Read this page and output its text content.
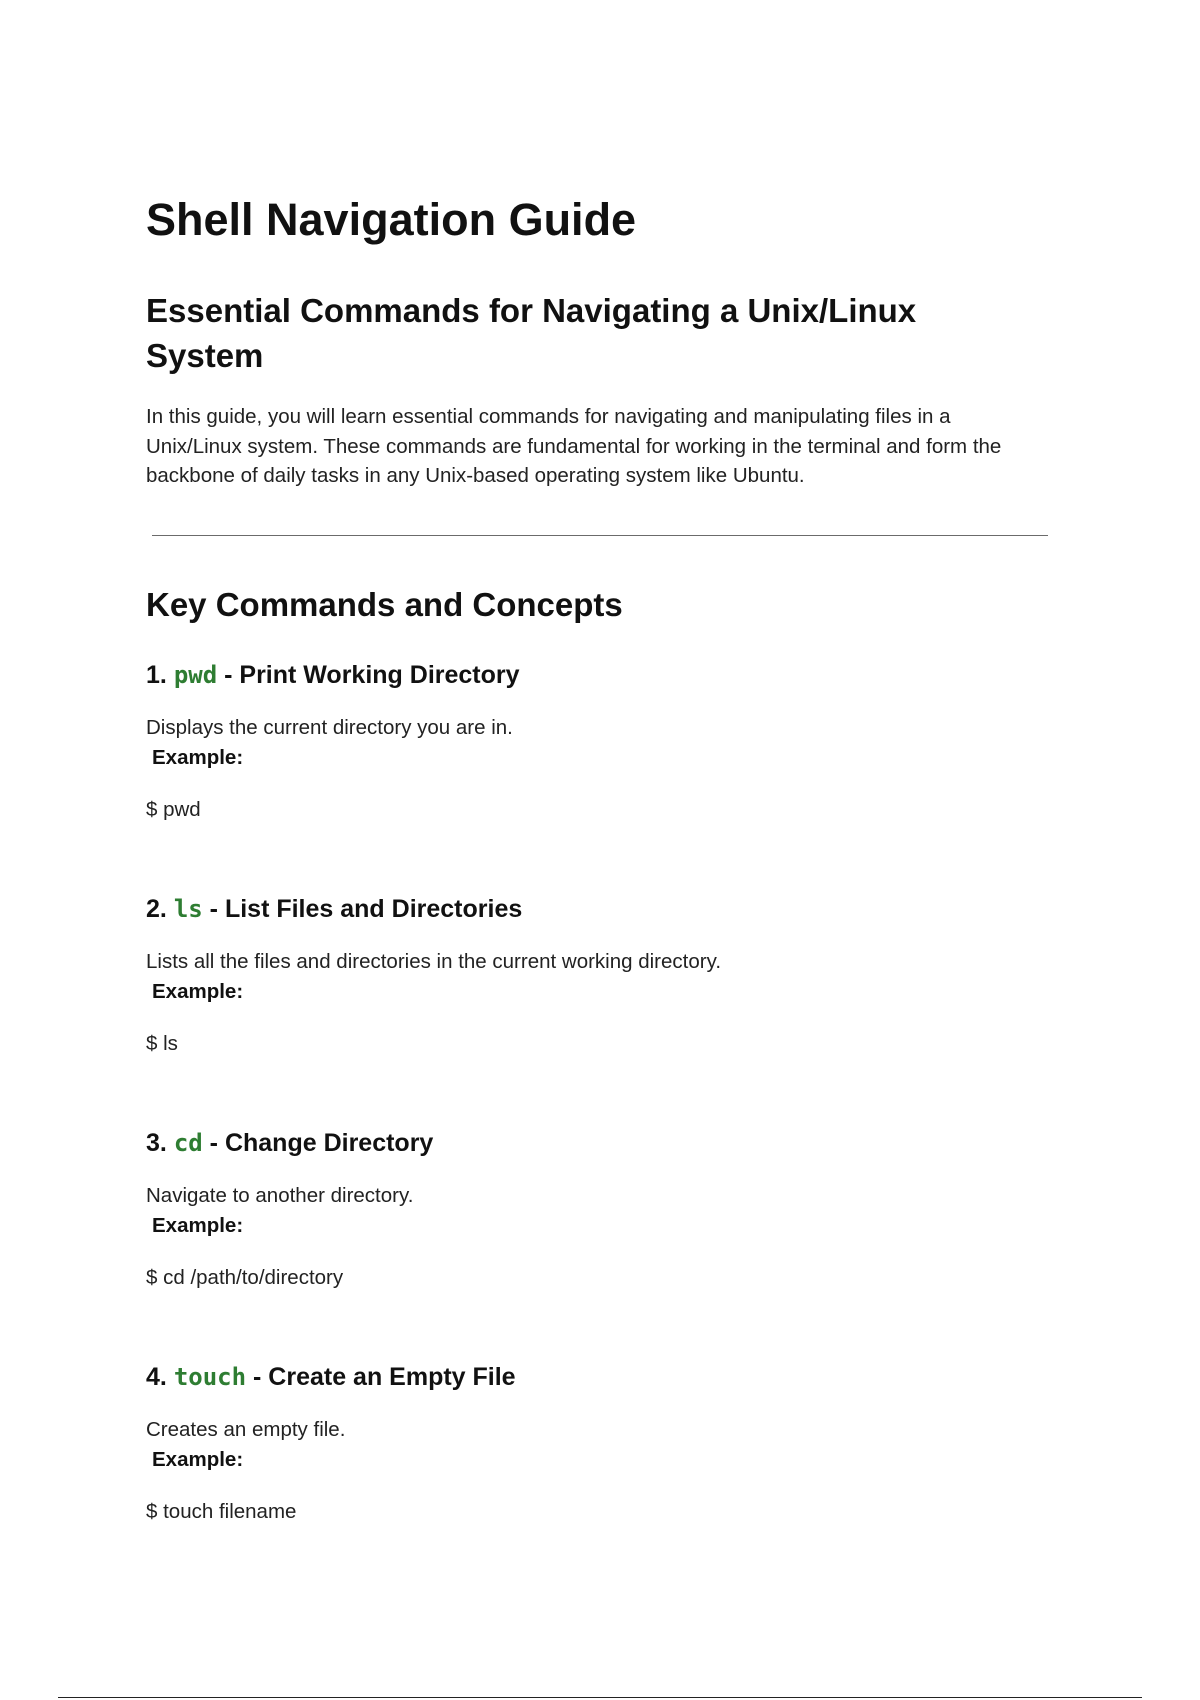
Shell Navigation Guide
Essential Commands for Navigating a Unix/Linux System

In this guide, you will learn essential commands for navigating and manipulating files in a Unix/Linux system. These commands are fundamental for working in the terminal and form the backbone of daily tasks in any Unix-based operating system like Ubuntu.

Key Commands and Concepts
1. pwd - Print Working Directory
Displays the current directory you are in.
Example:
$ pwd
2. ls - List Files and Directories
Lists all the files and directories in the current working directory.
Example:
$ ls
3. cd - Change Directory
Navigate to another directory.
Example:
$ cd /path/to/directory
4. touch - Create an Empty File
Creates an empty file.
Example:
$ touch filename
